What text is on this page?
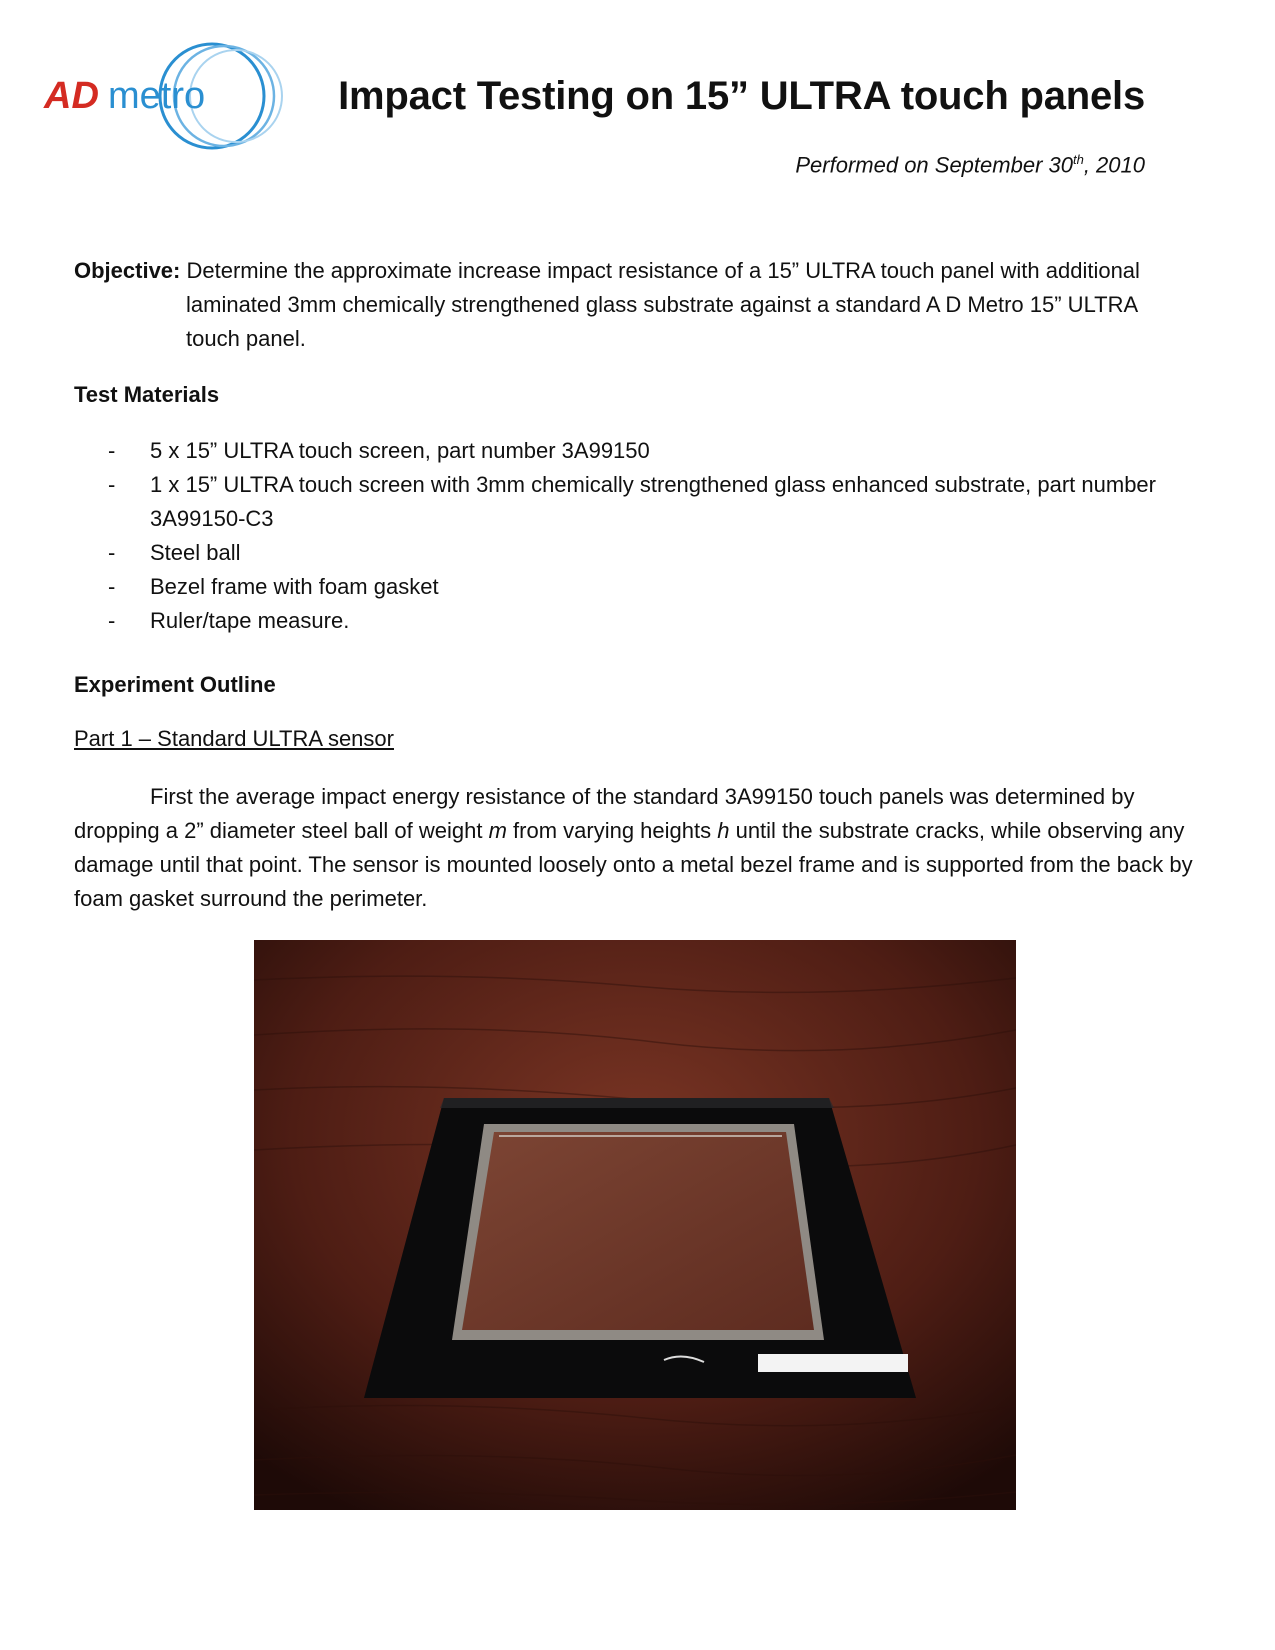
AD metro	Impact Testing on 15” ULTRA touch panels
Performed on September 30th, 2010
Objective: Determine the approximate increase impact resistance of a 15” ULTRA touch panel with additional
laminated 3mm chemically strengthened glass substrate against a standard A D Metro 15” ULTRA
touch panel.
Test Materials
- 5 x 15” ULTRA touch screen, part number 3A99150
- 1 x 15” ULTRA touch screen with 3mm chemically strengthened glass enhanced substrate, part number 3A99150-C3
- Steel ball
- Bezel frame with foam gasket
- Ruler/tape measure.
Experiment Outline
Part 1 – Standard ULTRA sensor

First the average impact energy resistance of the standard 3A99150 touch panels was determined by dropping a 2” diameter steel ball of weight m from varying heights h until the substrate cracks, while observing any damage until that point. The sensor is mounted loosely onto a metal bezel frame and is supported from the back by foam gasket surround the perimeter.
